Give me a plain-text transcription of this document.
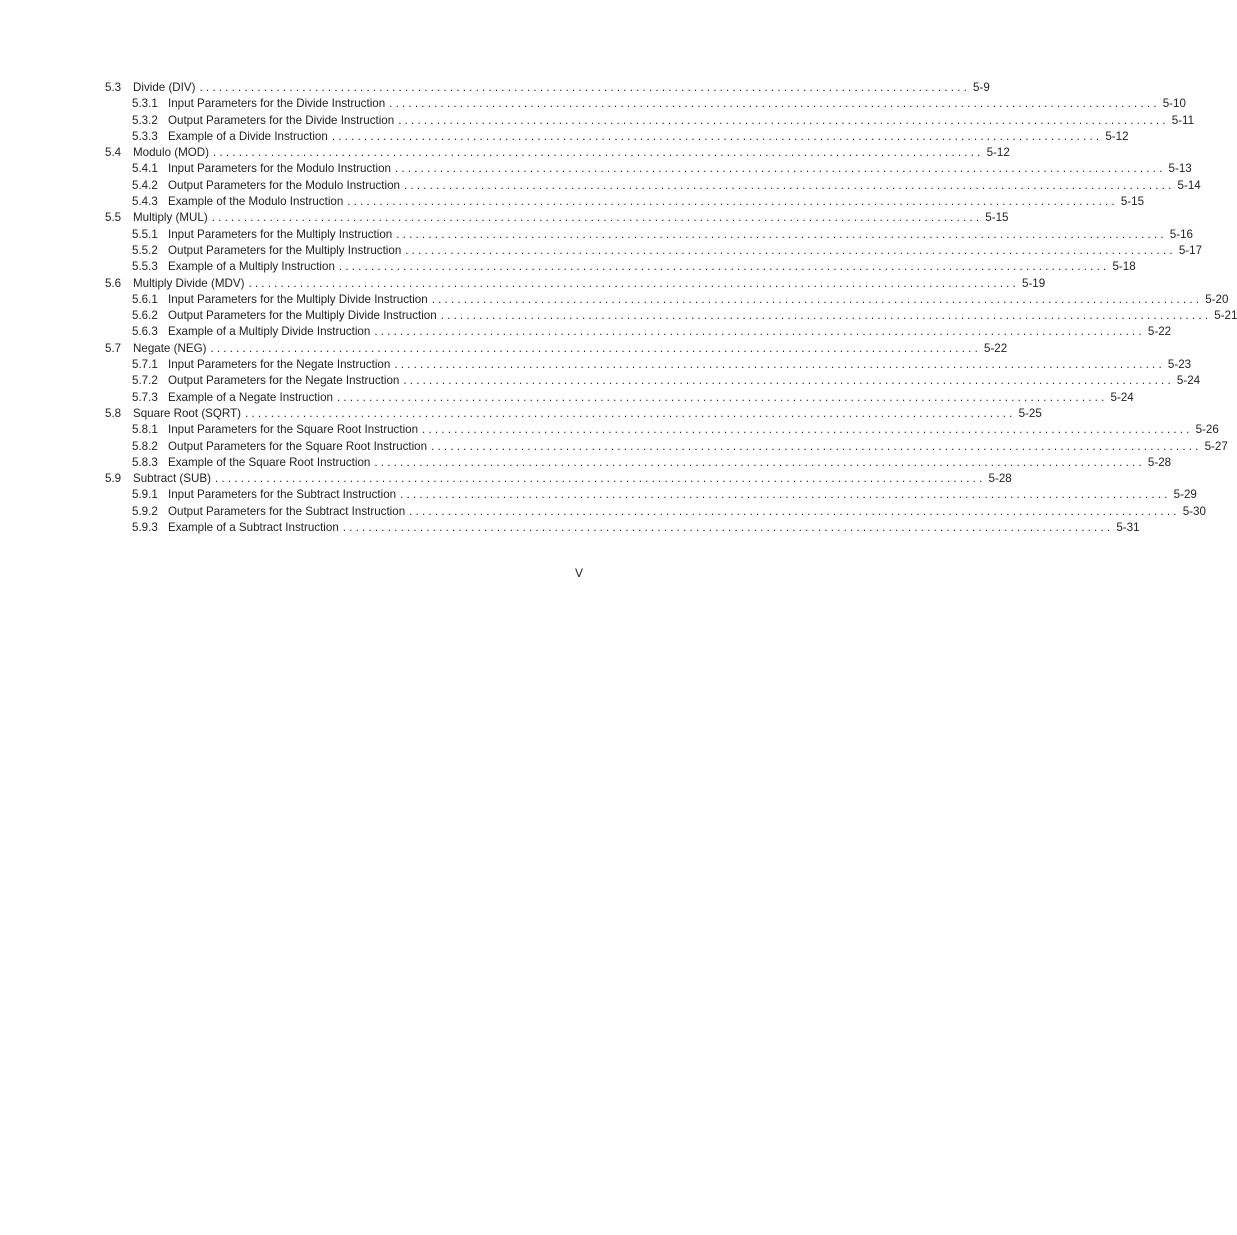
5.3	Divide (DIV) ........................................................................................................................ 5-9
5.3.1 Input Parameters for the Divide Instruction ........................................................................................................................ 5-10
5.3.2 Output Parameters for the Divide Instruction ........................................................................................................................ 5-11
5.3.3 Example of a Divide Instruction ........................................................................................................................ 5-12
5.4	Modulo (MOD) ........................................................................................................................ 5-12
5.4.1 Input Parameters for the Modulo Instruction ........................................................................................................................ 5-13
5.4.2 Output Parameters for the Modulo Instruction ........................................................................................................................ 5-14
5.4.3 Example of the Modulo Instruction ........................................................................................................................ 5-15
5.5	Multiply (MUL) ........................................................................................................................ 5-15
5.5.1 Input Parameters for the Multiply Instruction ........................................................................................................................ 5-16
5.5.2 Output Parameters for the Multiply Instruction ........................................................................................................................ 5-17
5.5.3 Example of a Multiply Instruction ........................................................................................................................ 5-18
5.6	Multiply Divide (MDV) ........................................................................................................................ 5-19
5.6.1 Input Parameters for the Multiply Divide Instruction ........................................................................................................................ 5-20
5.6.2 Output Parameters for the Multiply Divide Instruction ........................................................................................................................ 5-21
5.6.3 Example of a Multiply Divide Instruction ........................................................................................................................ 5-22
5.7	Negate (NEG) ........................................................................................................................ 5-22
5.7.1 Input Parameters for the Negate Instruction ........................................................................................................................ 5-23
5.7.2 Output Parameters for the Negate Instruction ........................................................................................................................ 5-24
5.7.3 Example of a Negate Instruction ........................................................................................................................ 5-24
5.8	Square Root (SQRT) ........................................................................................................................ 5-25
5.8.1 Input Parameters for the Square Root Instruction ........................................................................................................................ 5-26
5.8.2 Output Parameters for the Square Root Instruction ........................................................................................................................ 5-27
5.8.3 Example of the Square Root Instruction ........................................................................................................................ 5-28
5.9	Subtract (SUB) ........................................................................................................................ 5-28
5.9.1 Input Parameters for the Subtract Instruction ........................................................................................................................ 5-29
5.9.2 Output Parameters for the Subtract Instruction ........................................................................................................................ 5-30
5.9.3 Example of a Subtract Instruction ........................................................................................................................ 5-31
V
